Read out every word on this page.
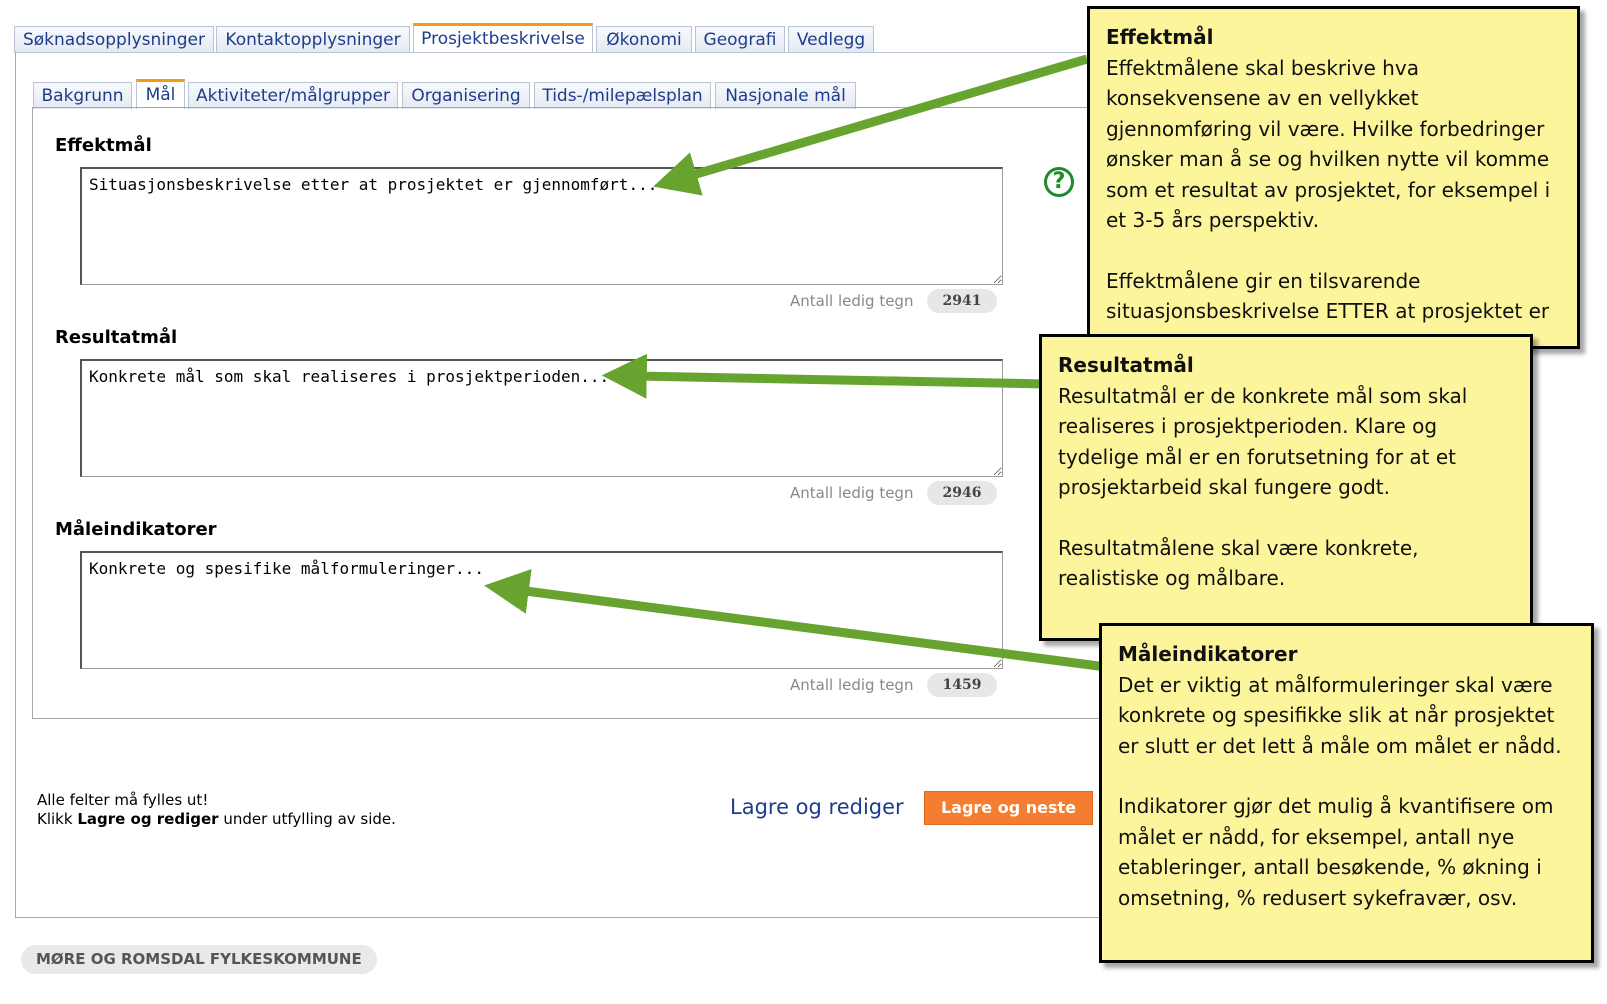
Søknadsopplysninger	Kontaktopplysninger	Prosjektbeskrivelse	Økonomi	Geografi	Vedlegg
Bakgrunn	Mål	Aktiviteter/målgrupper	Organisering	Tids-/milepælsplan	Nasjonale mål
Effektmål
Situasjonsbeskrivelse etter at prosjektet er gjennomført...
Antall ledig tegn	2941
?
Resultatmål
Konkrete mål som skal realiseres i prosjektperioden...
Antall ledig tegn	2946
Måleindikatorer
Konkrete og spesifike målformuleringer...
Antall ledig tegn	1459
Alle felter må fylles ut!
Klikk Lagre og rediger under utfylling av side.	Lagre og rediger	Lagre og neste
MØRE OG ROMSDAL FYLKESKOMMUNE

Effektmål

Effektmålene skal beskrive hva konsekvensene av en vellykket gjennomføring vil være. Hvilke forbedringer ønsker man å se og hvilken nytte vil komme som et resultat av prosjektet, for eksempel i et 3-5 års perspektiv.

Effektmålene gir en tilsvarende situasjonsbeskrivelse ETTER at prosjektet er

Resultatmål

Resultatmål er de konkrete mål som skal realiseres i prosjektperioden. Klare og tydelige mål er en forutsetning for at et prosjektarbeid skal fungere godt.

Resultatmålene skal være konkrete, realistiske og målbare.

Måleindikatorer

Det er viktig at målformuleringer skal være konkrete og spesifikke slik at når prosjektet er slutt er det lett å måle om målet er nådd.

Indikatorer gjør det mulig å kvantifisere om målet er nådd, for eksempel, antall nye etableringer, antall besøkende, % økning i omsetning, % redusert sykefravær, osv.
